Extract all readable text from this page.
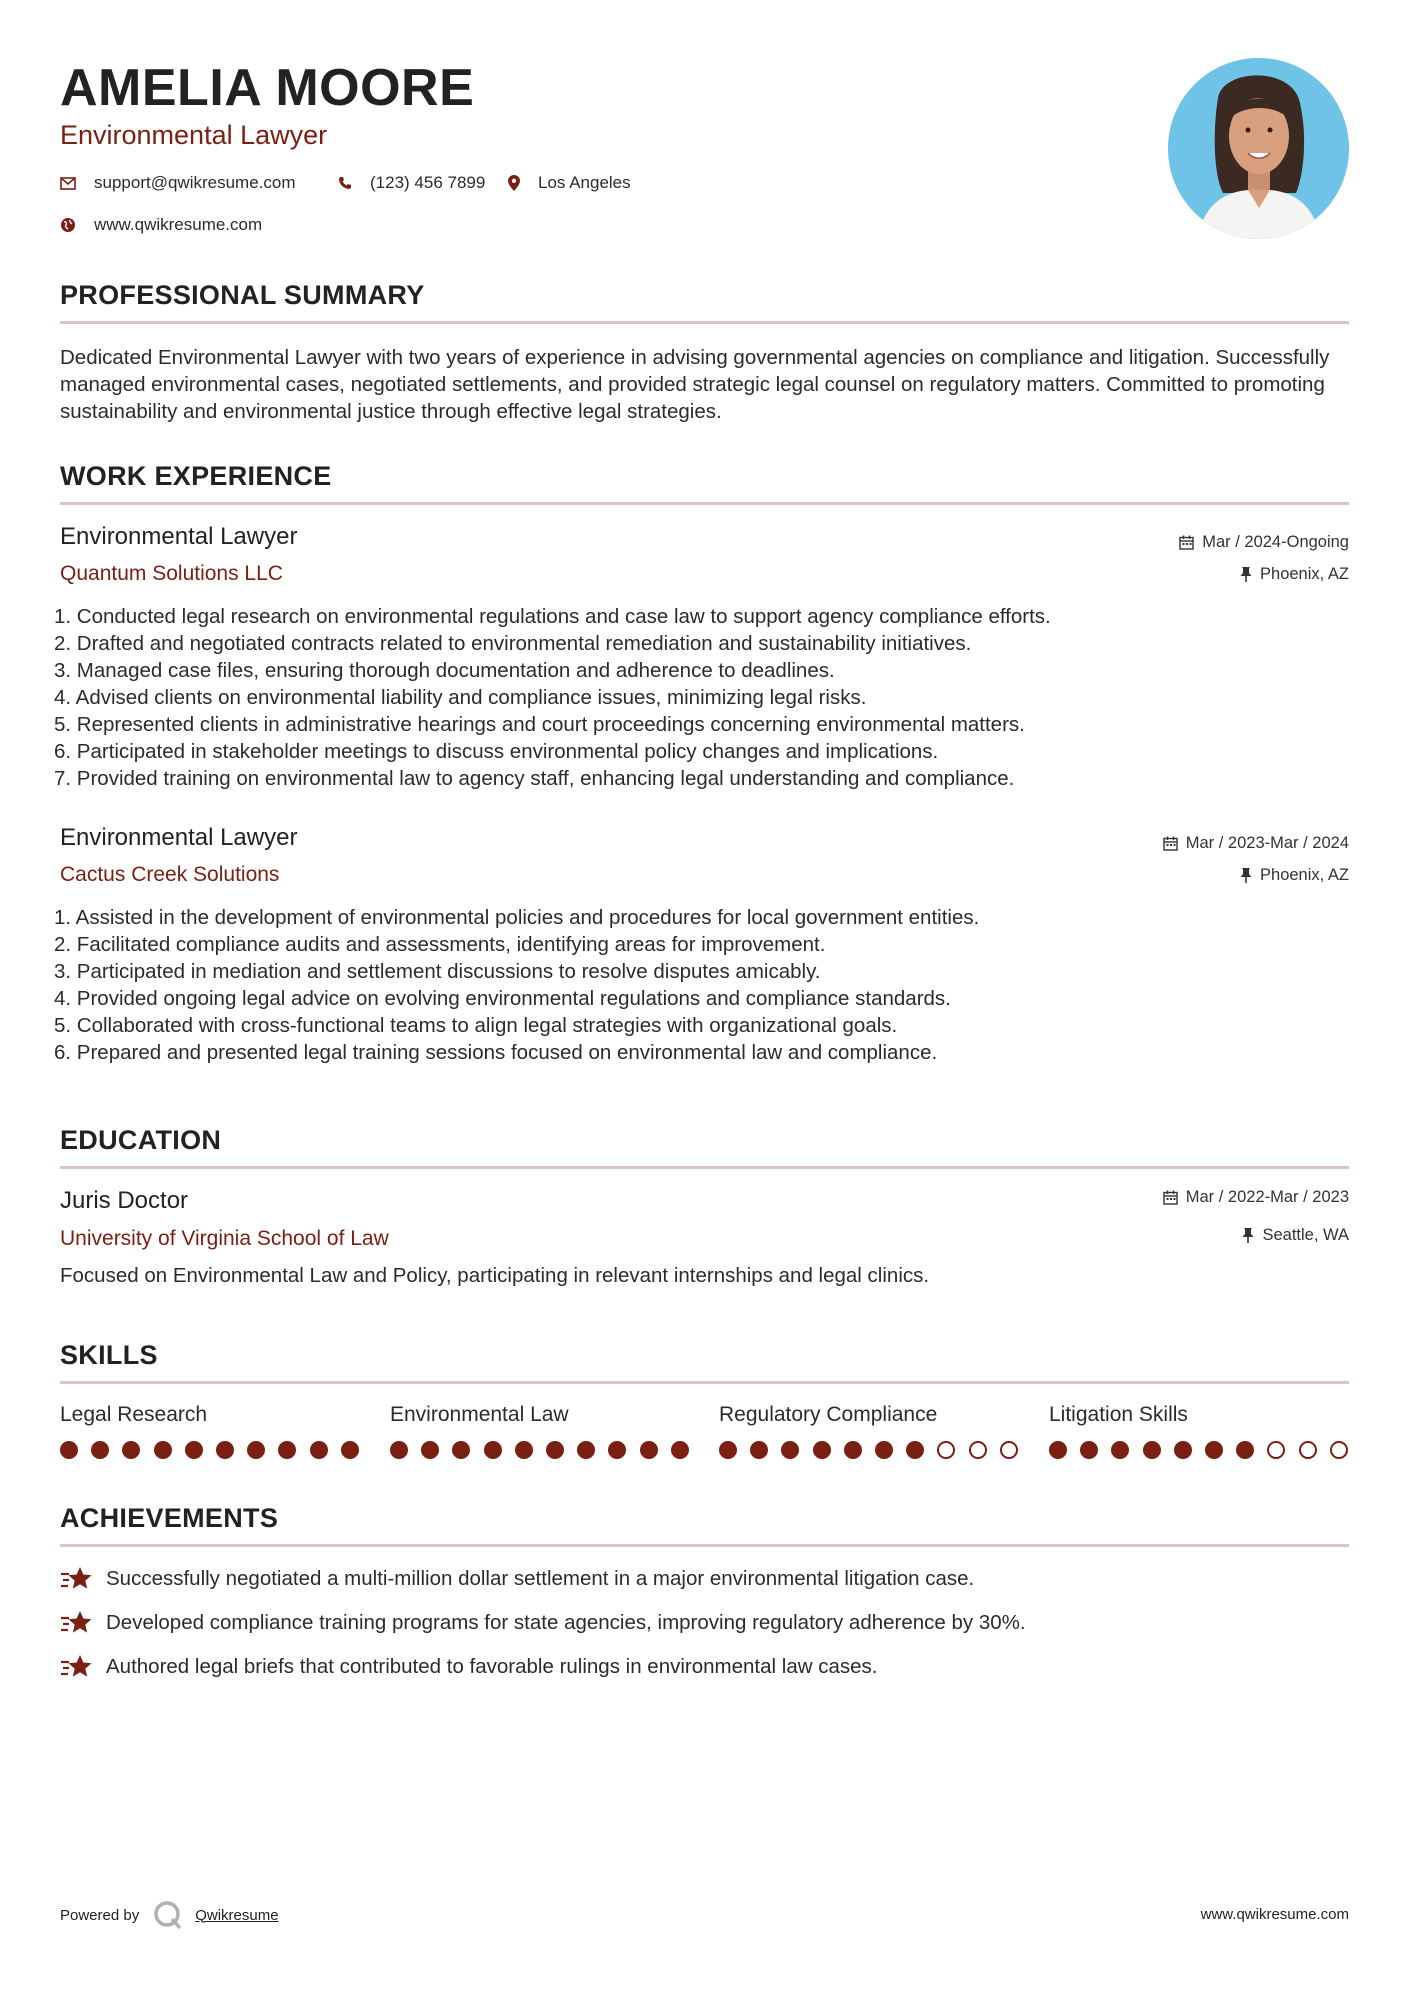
AMELIA MOORE
Environmental Lawyer
support@qwikresume.com	(123) 456 7899	Los Angeles
www.qwikresume.com
PROFESSIONAL SUMMARY
Dedicated Environmental Lawyer with two years of experience in advising governmental agencies on compliance and litigation. Successfully managed environmental cases, negotiated settlements, and provided strategic legal counsel on regulatory matters. Committed to promoting sustainability and environmental justice through effective legal strategies.
WORK EXPERIENCE
Environmental Lawyer
Quantum Solutions LLC
Mar / 2024-Ongoing
Phoenix, AZ
1. Conducted legal research on environmental regulations and case law to support agency compliance efforts.
2. Drafted and negotiated contracts related to environmental remediation and sustainability initiatives.
3. Managed case files, ensuring thorough documentation and adherence to deadlines.
4. Advised clients on environmental liability and compliance issues, minimizing legal risks.
5. Represented clients in administrative hearings and court proceedings concerning environmental matters.
6. Participated in stakeholder meetings to discuss environmental policy changes and implications.
7. Provided training on environmental law to agency staff, enhancing legal understanding and compliance.
Environmental Lawyer
Cactus Creek Solutions
Mar / 2023-Mar / 2024
Phoenix, AZ
1. Assisted in the development of environmental policies and procedures for local government entities.
2. Facilitated compliance audits and assessments, identifying areas for improvement.
3. Participated in mediation and settlement discussions to resolve disputes amicably.
4. Provided ongoing legal advice on evolving environmental regulations and compliance standards.
5. Collaborated with cross-functional teams to align legal strategies with organizational goals.
6. Prepared and presented legal training sessions focused on environmental law and compliance.
EDUCATION
Juris Doctor
University of Virginia School of Law
Mar / 2022-Mar / 2023
Seattle, WA
Focused on Environmental Law and Policy, participating in relevant internships and legal clinics.
SKILLS
Legal Research	Environmental Law	Regulatory Compliance	Litigation Skills
ACHIEVEMENTS
Successfully negotiated a multi-million dollar settlement in a major environmental litigation case.
Developed compliance training programs for state agencies, improving regulatory adherence by 30%.
Authored legal briefs that contributed to favorable rulings in environmental law cases.
Powered by	Qwikresume	www.qwikresume.com
